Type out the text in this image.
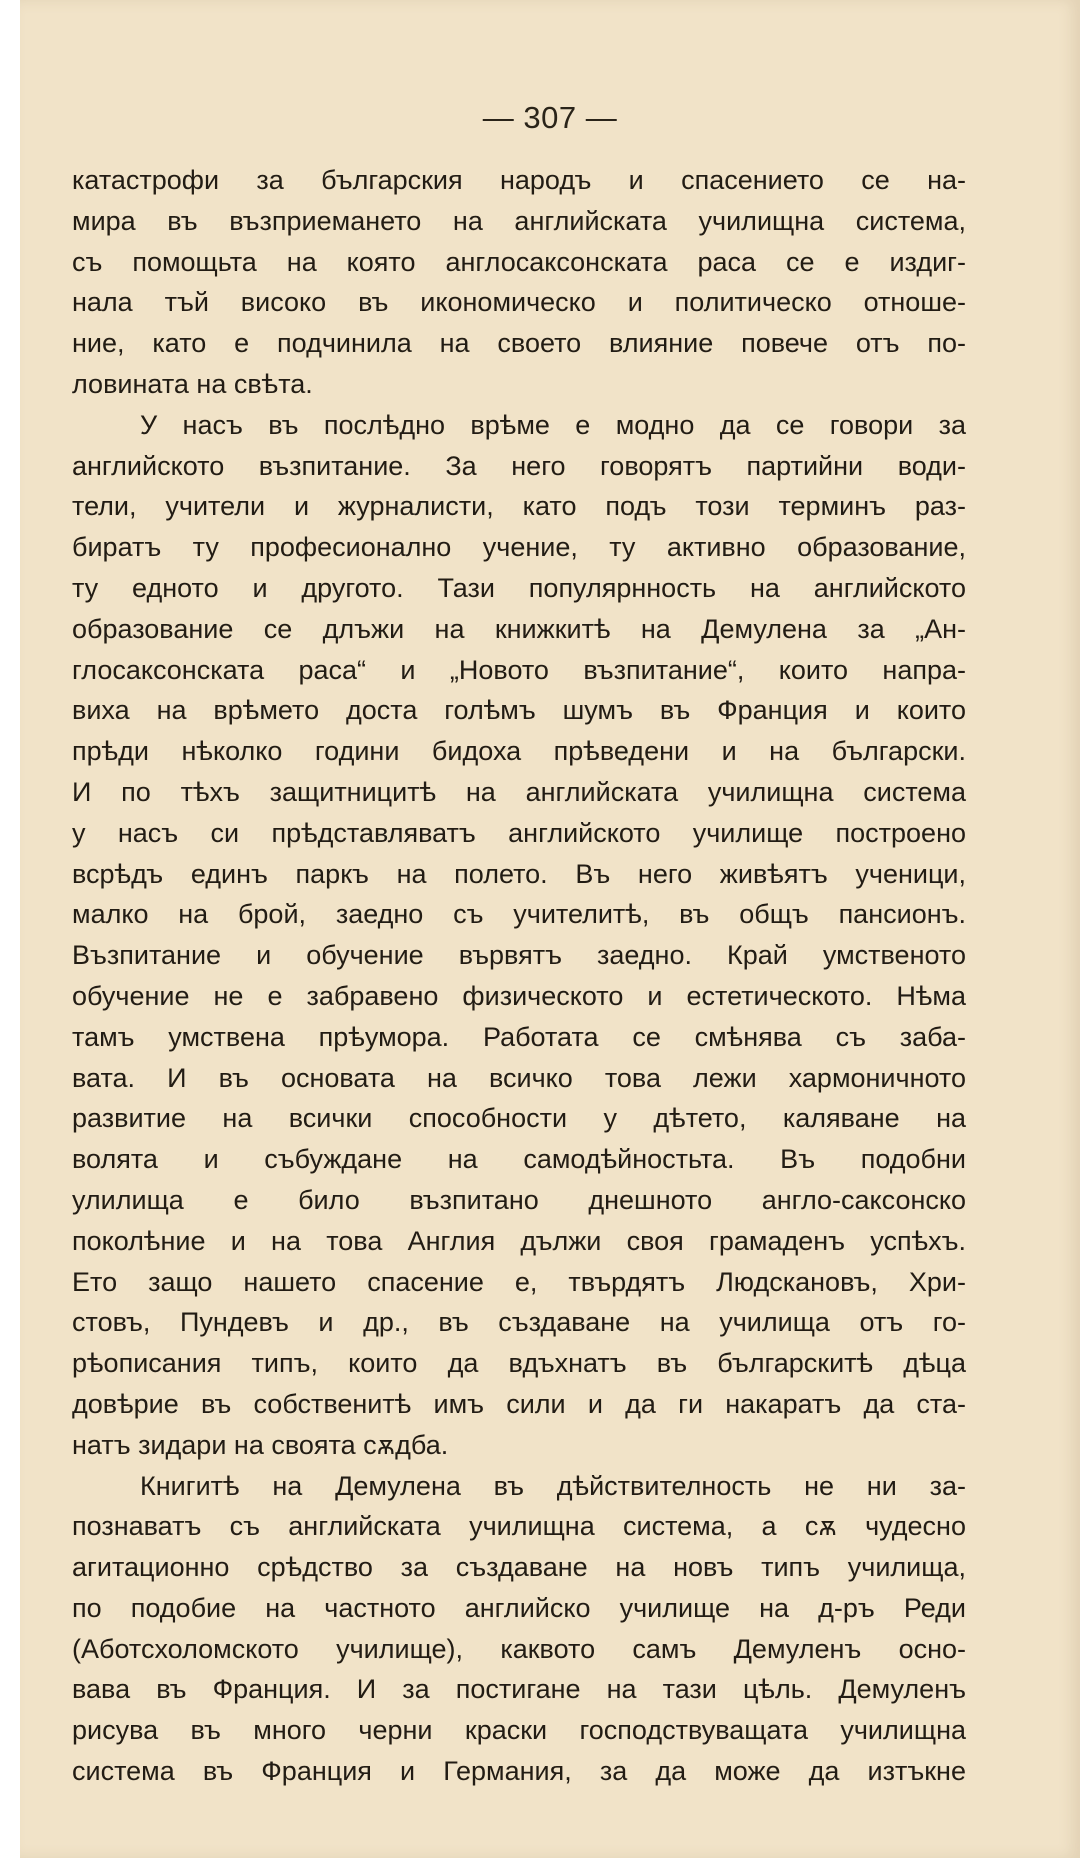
— 307 —
катастрофи за българския народъ и спасението се на-
мира въ възприемането на английската училищна система,
съ помощьта на която англосаксонската раса се е издиг-
нала тъй високо въ икономическо и политическо отноше-
ние, като е подчинила на своето влияние повече отъ по-
ловината на свѣта.
У насъ въ послѣдно врѣме е модно да се говори за
английското възпитание. За него говорятъ партийни води-
тели, учители и журналисти, като подъ този терминъ раз-
биратъ ту професионално учение, ту активно образование,
ту едното и другото. Тази популярнность на английското
образование се длъжи на книжкитѣ на Демулена за „Ан-
глосаксонската раса“ и „Новото възпитание“, които напра-
виха на врѣмето доста голѣмъ шумъ въ Франция и които
прѣди нѣколко години бидоха прѣведени и на български.
И по тѣхъ защитницитѣ на английската училищна система
у насъ си прѣдставляватъ английското училище построено
всрѣдъ единъ паркъ на полето. Въ него живѣятъ ученици,
малко на брой, заедно съ учителитѣ, въ общъ пансионъ.
Възпитание и обучение вървятъ заедно. Край умственото
обучение не е забравено физическото и естетическото. Нѣма
тамъ умствена прѣумора. Работата се смѣнява съ заба-
вата. И въ основата на всичко това лежи хармоничното
развитие на всички способности у дѣтето, каляване на
волята и събуждане на самодѣйностьта. Въ подобни
улилища е било възпитано днешното англо-саксонско
поколѣние и на това Англия дължи своя грамаденъ успѣхъ.
Ето защо нашето спасение е, твърдятъ Людскановъ, Хри-
стовъ, Пундевъ и др., въ създаване на училища отъ го-
рѣописания типъ, които да вдъхнатъ въ българскитѣ дѣца
довѣрие въ собственитѣ имъ сили и да ги накаратъ да ста-
натъ зидари на своята сѫдба.
Книгитѣ на Демулена въ дѣйствителность не ни за-
познаватъ съ английската училищна система, а сѫ чудесно
агитационно срѣдство за създаване на новъ типъ училища,
по подобие на частното английско училище на д-ръ Реди
(Аботсхоломското училище), каквото самъ Демуленъ осно-
вава въ Франция. И за постигане на тази цѣль. Демуленъ
рисува въ много черни краски господствуващата училищна
система въ Франция и Германия, за да може да изтъкне
